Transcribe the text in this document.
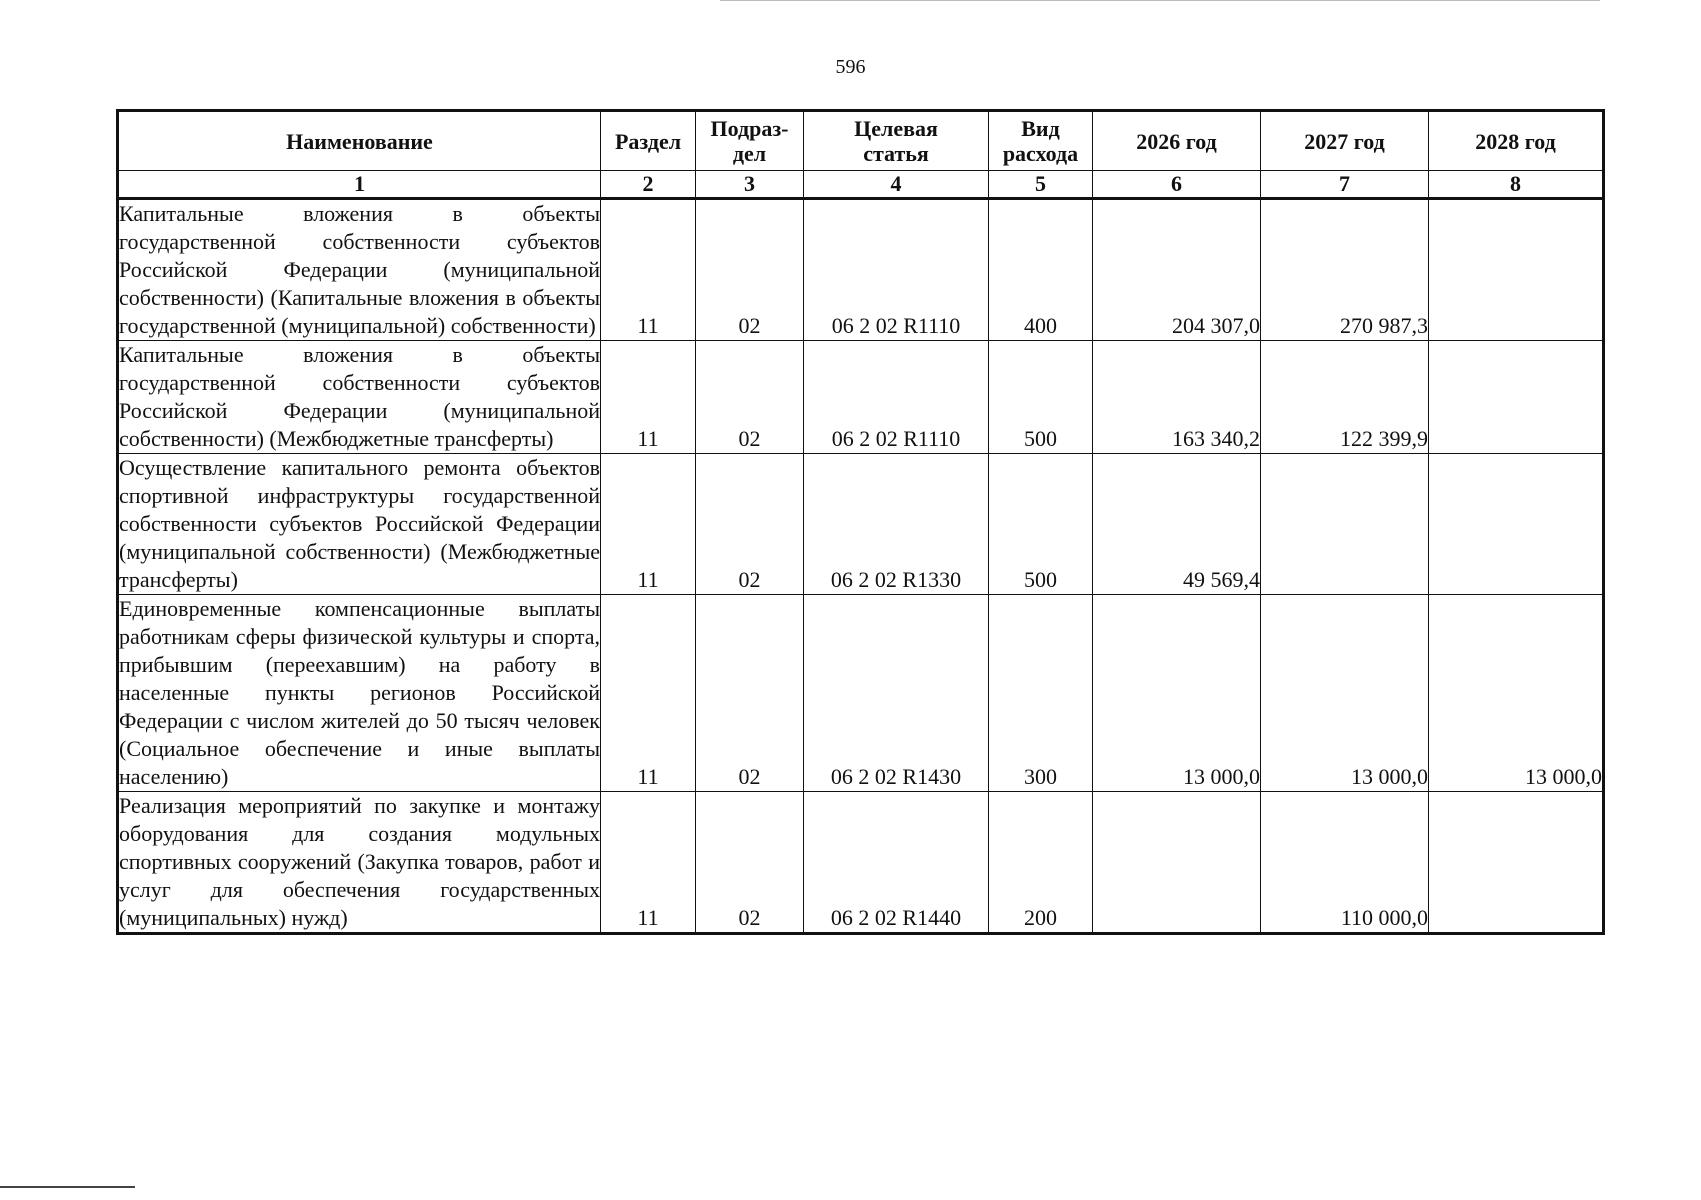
596
Наименование	Раздел	Подраз-дел	Целевая статья	Вид расхода	2026 год	2027 год	2028 год
1	2	3	4	5	6	7	8
Капитальные вложения в объекты государственной собственности субъектов Российской Федерации (муниципальной собственности) (Капитальные вложения в объекты государственной (муниципальной) собственности)	11	02	06 2 02 R1110	400	204 307,0	270 987,3	
Капитальные вложения в объекты государственной собственности субъектов Российской Федерации (муниципальной собственности) (Межбюджетные трансферты)	11	02	06 2 02 R1110	500	163 340,2	122 399,9	
Осуществление капитального ремонта объектов спортивной инфраструктуры государственной собственности субъектов Российской Федерации (муниципальной собственности) (Межбюджетные трансферты)	11	02	06 2 02 R1330	500	49 569,4		
Единовременные компенсационные выплаты работникам сферы физической культуры и спорта, прибывшим (переехавшим) на работу в населенные пункты регионов Российской Федерации с числом жителей до 50 тысяч человек (Социальное обеспечение и иные выплаты населению)	11	02	06 2 02 R1430	300	13 000,0	13 000,0	13 000,0
Реализация мероприятий по закупке и монтажу оборудования для создания модульных спортивных сооружений (Закупка товаров, работ и услуг для обеспечения государственных (муниципальных) нужд)	11	02	06 2 02 R1440	200		110 000,0	
